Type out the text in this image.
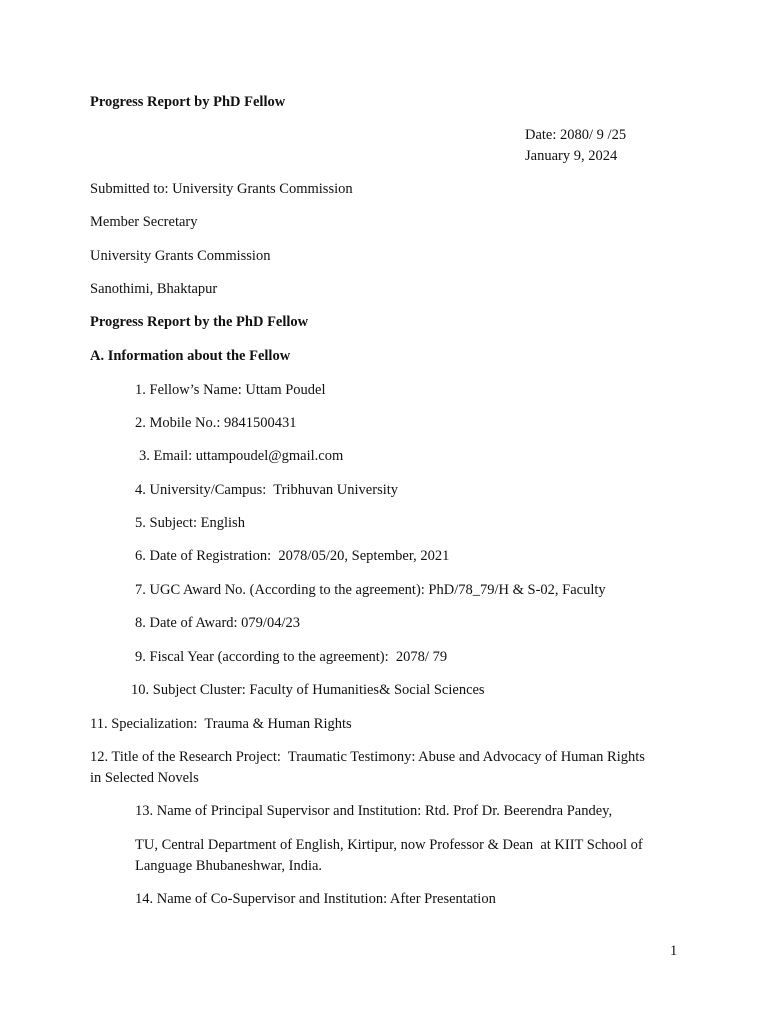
Progress Report by PhD Fellow
Date: 2080/ 9 /25
January 9, 2024
Submitted to: University Grants Commission
Member Secretary
University Grants Commission
Sanothimi, Bhaktapur
Progress Report by the PhD Fellow
A. Information about the Fellow
1. Fellow’s Name: Uttam Poudel
2. Mobile No.: 9841500431
3. Email: uttampoudel@gmail.com
4. University/Campus:  Tribhuvan University
5. Subject: English
6. Date of Registration:  2078/05/20, September, 2021
7. UGC Award No. (According to the agreement): PhD/78_79/H & S-02, Faculty
8. Date of Award: 079/04/23
9. Fiscal Year (according to the agreement):  2078/ 79
10. Subject Cluster: Faculty of Humanities& Social Sciences
11. Specialization:  Trauma & Human Rights
12. Title of the Research Project:  Traumatic Testimony: Abuse and Advocacy of Human Rights
in Selected Novels
13. Name of Principal Supervisor and Institution: Rtd. Prof Dr. Beerendra Pandey,
TU, Central Department of English, Kirtipur, now Professor & Dean  at KIIT School of
Language Bhubaneshwar, India.
14. Name of Co-Supervisor and Institution: After Presentation
1
